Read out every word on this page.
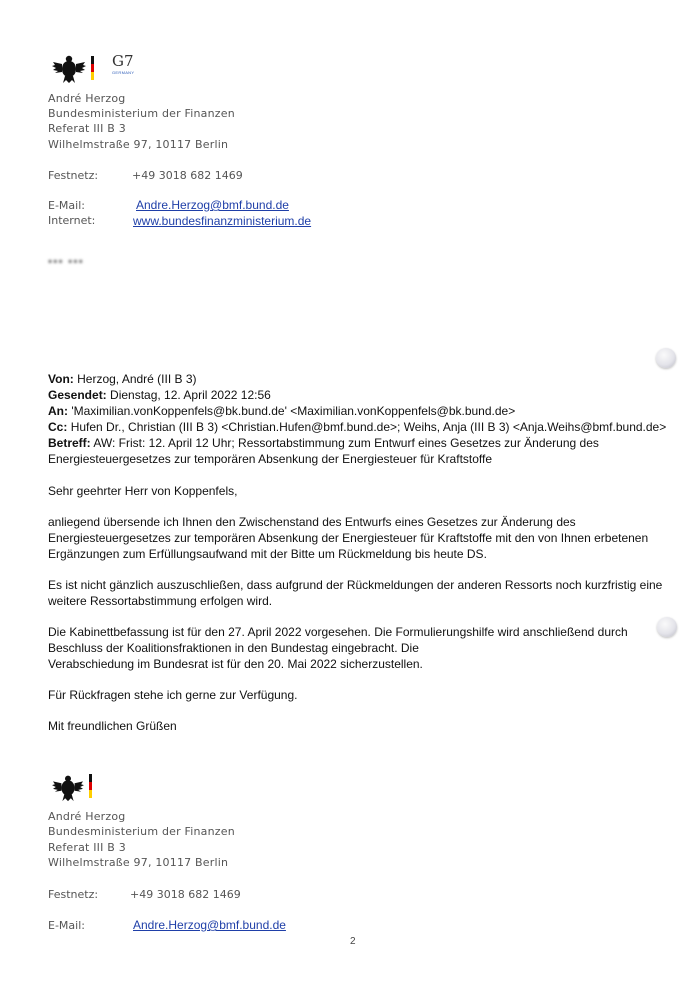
G7
GERMANY
André Herzog
Bundesministerium der Finanzen
Referat III B 3
Wilhelmstraße 97, 10117 Berlin
Festnetz:	+49 3018 682 1469
E-Mail:	Andre.Herzog@bmf.bund.de
Internet:	www.bundesfinanzministerium.de
▪▪▪ ▪▪▪
Von: Herzog, André (III B 3)
Gesendet: Dienstag, 12. April 2022 12:56
An: 'Maximilian.vonKoppenfels@bk.bund.de' <Maximilian.vonKoppenfels@bk.bund.de>
Cc: Hufen Dr., Christian (III B 3) <Christian.Hufen@bmf.bund.de>; Weihs, Anja (III B 3) <Anja.Weihs@bmf.bund.de>
Betreff: AW: Frist: 12. April 12 Uhr; Ressortabstimmung zum Entwurf eines Gesetzes zur Änderung des
Energiesteuergesetzes zur temporären Absenkung der Energiesteuer für Kraftstoffe
Sehr geehrter Herr von Koppenfels,
anliegend übersende ich Ihnen den Zwischenstand des Entwurfs eines Gesetzes zur Änderung des Energiesteuergesetzes zur temporären Absenkung der Energiesteuer für Kraftstoffe mit den von Ihnen erbetenen Ergänzungen zum Erfüllungsaufwand mit der Bitte um Rückmeldung bis heute DS.
Es ist nicht gänzlich auszuschließen, dass aufgrund der Rückmeldungen der anderen Ressorts noch kurzfristig eine weitere Ressortabstimmung erfolgen wird.
Die Kabinettbefassung ist für den 27. April 2022 vorgesehen. Die Formulierungshilfe wird anschließend durch Beschluss der Koalitionsfraktionen in den Bundestag eingebracht. Die
Verabschiedung im Bundesrat ist für den 20. Mai 2022 sicherzustellen.
Für Rückfragen stehe ich gerne zur Verfügung.
Mit freundlichen Grüßen
André Herzog
Bundesministerium der Finanzen
Referat III B 3
Wilhelmstraße 97, 10117 Berlin
Festnetz:	+49 3018 682 1469
E-Mail:	Andre.Herzog@bmf.bund.de
2
